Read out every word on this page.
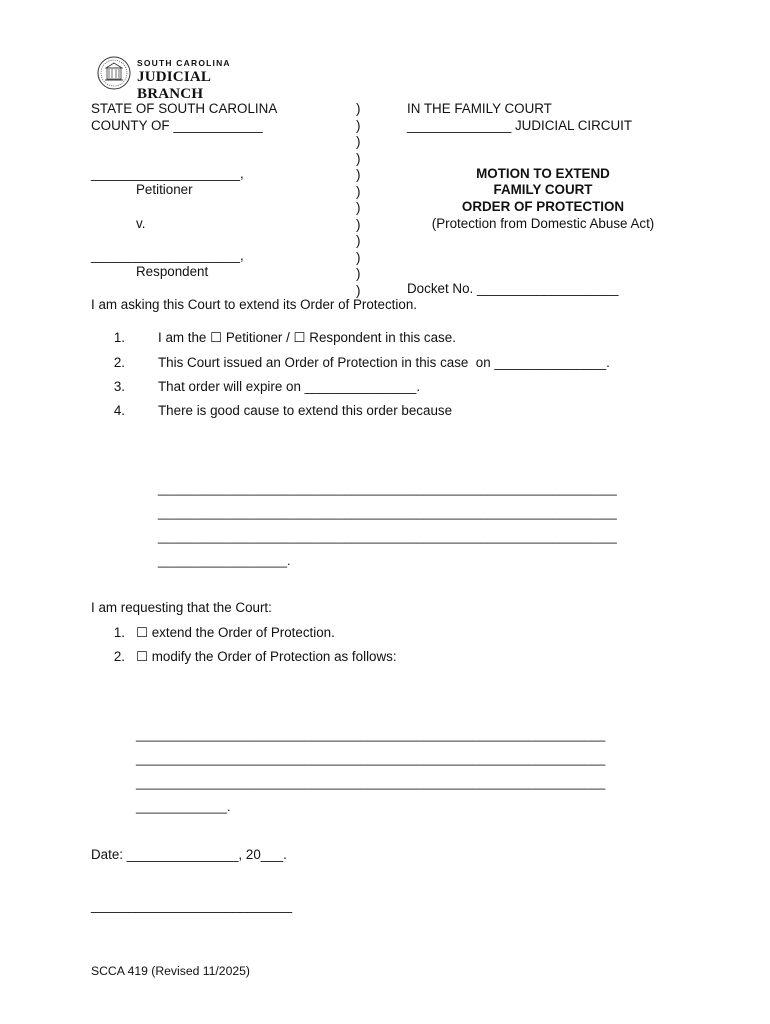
SOUTH CAROLINA
JUDICIAL BRANCH
STATE OF SOUTH CAROLINA
COUNTY OF ____________
____________________,
Petitioner
v.
____________________,
Respondent
)
)
)
)
)
)
)
)
)
)
)
)
IN THE FAMILY COURT
______________ JUDICIAL CIRCUIT
MOTION TO EXTEND
FAMILY COURT
ORDER OF PROTECTION
(Protection from Domestic Abuse Act)
Docket No. ___________________
I am asking this Court to extend its Order of Protection.
1. I am the ☐ Petitioner / ☐ Respondent in this case.
2. This Court issued an Order of Protection in this case  on _______________.
3. That order will expire on _______________.
4. There is good cause to extend this order because
________________________________________________________________
________________________________________________________________
________________________________________________________________
__________________.
I am requesting that the Court:
1. ☐ extend the Order of Protection.
2. ☐ modify the Order of Protection as follows:
___________________________________________________________________
___________________________________________________________________
___________________________________________________________________
_____________.
Date: _______________, 20___.
___________________________
SCCA 419 (Revised 11/2025)
